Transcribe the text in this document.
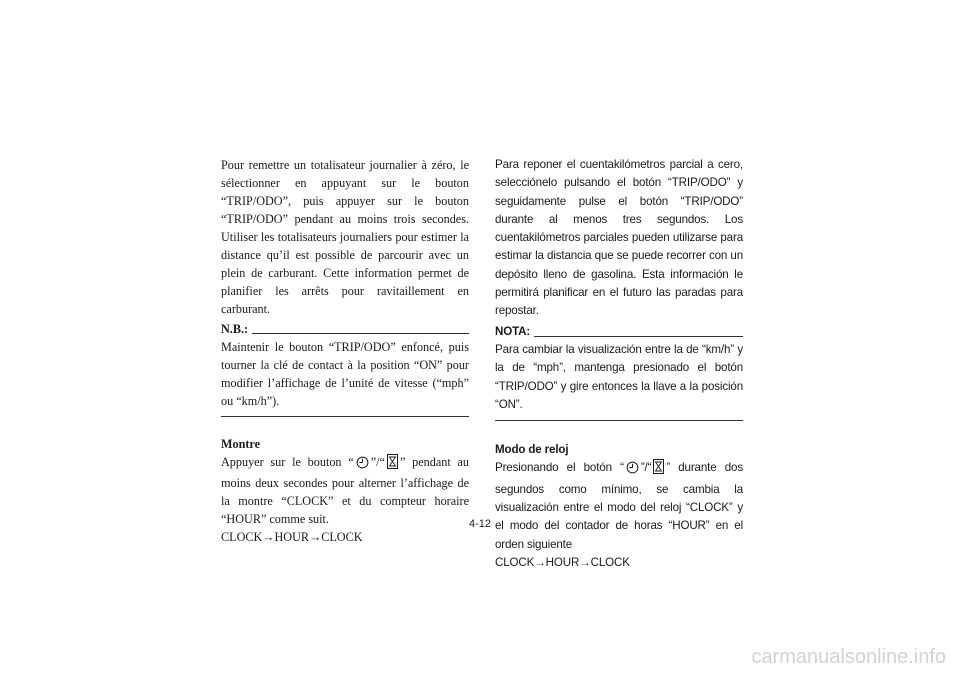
Pour remettre un totalisateur journalier à zéro, le sélectionner en appuyant sur le bouton “TRIP/ODO”, puis appuyer sur le bouton “TRIP/ODO” pendant au moins trois secondes. Utiliser les totalisateurs journaliers pour estimer la distance qu’il est possible de parcourir avec un plein de carburant. Cette information permet de planifier les arrêts pour ravitaillement en carburant.

N.B.:

Maintenir le bouton “TRIP/ODO” enfoncé, puis tourner la clé de contact à la position “ON” pour modifier l’affichage de l’unité de vitesse (“mph” ou “km/h”).

Montre

Appuyer sur le bouton “ ”/“ ” pendant au moins deux secondes pour alterner l’affichage de la montre “CLOCK” et du compteur horaire “HOUR” comme suit.

CLOCK→HOUR→CLOCK

Para reponer el cuentakilómetros parcial a cero, selecciónelo pulsando el botón “TRIP/ODO” y seguidamente pulse el botón “TRIP/ODO” durante al menos tres segundos. Los cuentakilómetros parciales pueden utilizarse para estimar la distancia que se puede recorrer con un depósito lleno de gasolina. Esta información le permitirá planificar en el futuro las paradas para repostar.

NOTA:

Para cambiar la visualización entre la de “km/h” y la de “mph”, mantenga presionado el botón “TRIP/ODO” y gire entonces la llave a la posición “ON”.

Modo de reloj

Presionando el botón “ ”/“ ” durante dos segundos como mínimo, se cambia la visualización entre el modo del reloj “CLOCK” y el modo del contador de horas “HOUR” en el orden siguiente

CLOCK→HOUR→CLOCK

4-12
carmanualsonline.info
